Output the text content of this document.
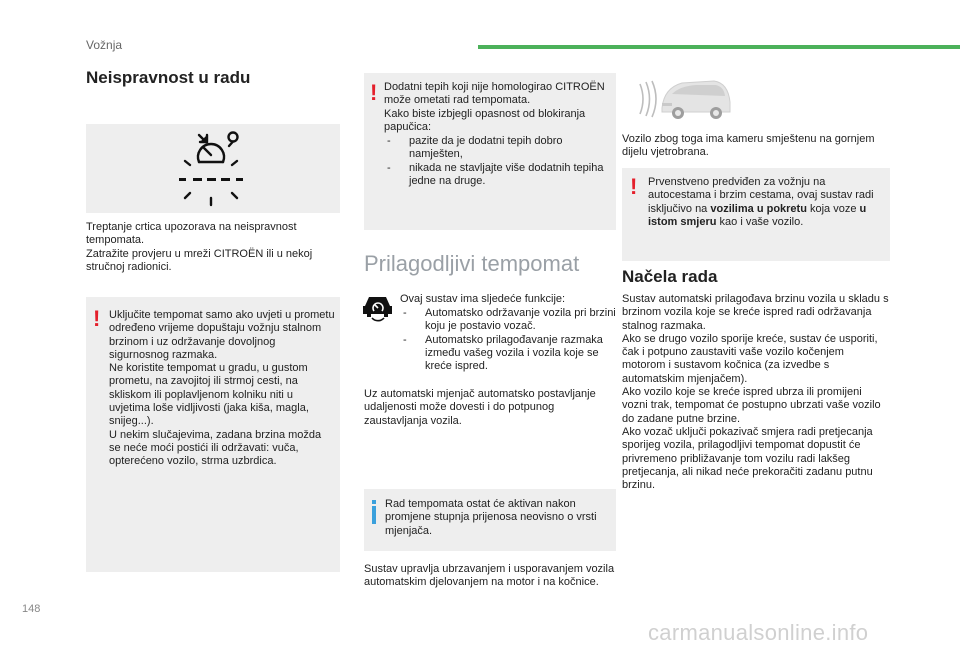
Vožnja
Neispravnost u radu

Treptanje crtica upozorava na neispravnost tempomata.
Zatražite provjeru u mreži CITROËN ili u nekoj stručnoj radionici.

! Uključite tempomat samo ako uvjeti u prometu određeno vrijeme dopuštaju vožnju stalnom brzinom i uz održavanje dovoljnog sigurnosnog razmaka.
Ne koristite tempomat u gradu, u gustom prometu, na zavojitoj ili strmoj cesti, na skliskom ili poplavljenom kolniku niti u uvjetima loše vidljivosti (jaka kiša, magla, snijeg...).
U nekim slučajevima, zadana brzina možda se neće moći postići ili održavati: vuča, opterećeno vozilo, strma uzbrdica.

! Dodatni tepih koji nije homologirao CITROËN može ometati rad tempomata.
Kako biste izbjegli opasnost od blokiranja papučica:

- pazite da je dodatni tepih dobro namješten,
- nikada ne stavljajte više dodatnih tepiha jedne na druge.
Prilagodljivi tempomat

Ovaj sustav ima sljedeće funkcije:

- Automatsko održavanje vozila pri brzini koju je postavio vozač.
- Automatsko prilagođavanje razmaka između vašeg vozila i vozila koje se kreće ispred.

Uz automatski mjenjač automatsko postavljanje udaljenosti može dovesti i do potpunog zaustavljanja vozila.

Rad tempomata ostat će aktivan nakon promjene stupnja prijenosa neovisno o vrsti mjenjača.

Sustav upravlja ubrzavanjem i usporavanjem vozila automatskim djelovanjem na motor i na kočnice.

Vozilo zbog toga ima kameru smještenu na gornjem dijelu vjetrobrana.

! Prvenstveno predviđen za vožnju na autocestama i brzim cestama, ovaj sustav radi isključivo na vozilima u pokretu koja voze u istom smjeru kao i vaše vozilo.

Načela rada

Sustav automatski prilagođava brzinu vozila u skladu s brzinom vozila koje se kreće ispred radi održavanja stalnog razmaka.
Ako se drugo vozilo sporije kreće, sustav će usporiti, čak i potpuno zaustaviti vaše vozilo kočenjem motorom i sustavom kočnica (za izvedbe s automatskim mjenjačem).
Ako vozilo koje se kreće ispred ubrza ili promijeni vozni trak, tempomat će postupno ubrzati vaše vozilo do zadane putne brzine.
Ako vozač uključi pokazivač smjera radi pretjecanja sporijeg vozila, prilagodljivi tempomat dopustit će privremeno približavanje tom vozilu radi lakšeg pretjecanja, ali nikad neće prekoračiti zadanu putnu brzinu.

148
carmanualsonline.info
